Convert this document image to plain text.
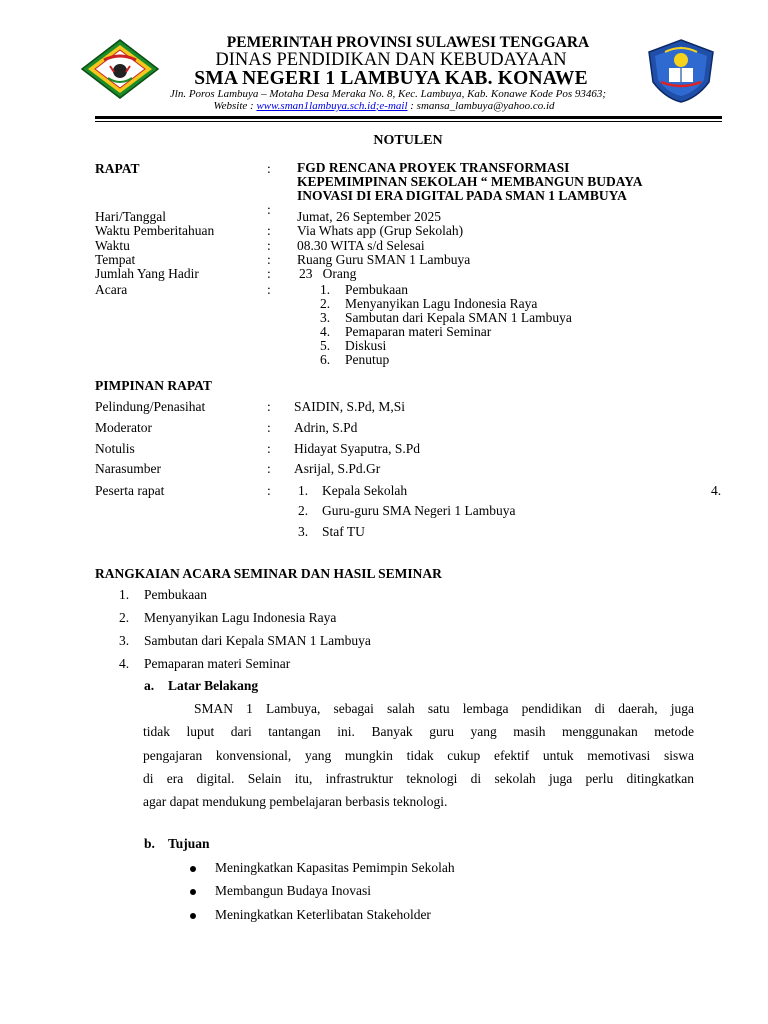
PEMERINTAH PROVINSI SULAWESI TENGGARA
DINAS PENDIDIKAN DAN KEBUDAYAAN
SMA NEGERI 1 LAMBUYA KAB. KONAWE
Jln. Poros Lambuya – Motaha Desa Meraka No. 8, Kec. Lambuya, Kab. Konawe Kode Pos 93463;
Website : www.sman1lambuya.sch.id;e-mail : smansa_lambuya@yahoo.co.id
NOTULEN
RAPAT	: FGD RENCANA PROYEK TRANSFORMASI
KEPEMIMPINAN SEKOLAH “ MEMBANGUN BUDAYA
INOVASI DI ERA DIGITAL PADA SMAN 1 LAMBUYA
:
Hari/Tanggal	Jumat, 26 September 2025
Waktu Pemberitahuan	: Via Whats app (Grup Sekolah)
Waktu	: 08.30 WITA s/d Selesai
Tempat	: Ruang Guru SMAN 1 Lambuya
Jumlah Yang Hadir	: 23   Orang
Acara	:	1. Pembukaan
2. Menyanyikan Lagu Indonesia Raya
3. Sambutan dari Kepala SMAN 1 Lambuya
4. Pemaparan materi Seminar
5. Diskusi
6. Penutup
PIMPINAN RAPAT
Pelindung/Penasihat	: SAIDIN, S.Pd, M,Si
Moderator	: Adrin, S.Pd
Notulis	: Hidayat Syaputra, S.Pd
Narasumber	: Asrijal, S.Pd.Gr
Peserta rapat	: 1. Kepala Sekolah	4.
2. Guru-guru SMA Negeri 1 Lambuya
3. Staf TU
RANGKAIAN ACARA SEMINAR DAN HASIL SEMINAR
1. Pembukaan
2. Menyanyikan Lagu Indonesia Raya
3. Sambutan dari Kepala SMAN 1 Lambuya
4. Pemaparan materi Seminar
a. Latar Belakang
SMAN 1 Lambuya, sebagai salah satu lembaga pendidikan di daerah, juga
tidak luput dari tantangan ini. Banyak guru yang masih menggunakan metode
pengajaran konvensional, yang mungkin tidak cukup efektif untuk memotivasi siswa
di era digital. Selain itu, infrastruktur teknologi di sekolah juga perlu ditingkatkan
agar dapat mendukung pembelajaran berbasis teknologi.
b. Tujuan
Meningkatkan Kapasitas Pemimpin Sekolah
Membangun Budaya Inovasi
Meningkatkan Keterlibatan Stakeholder
